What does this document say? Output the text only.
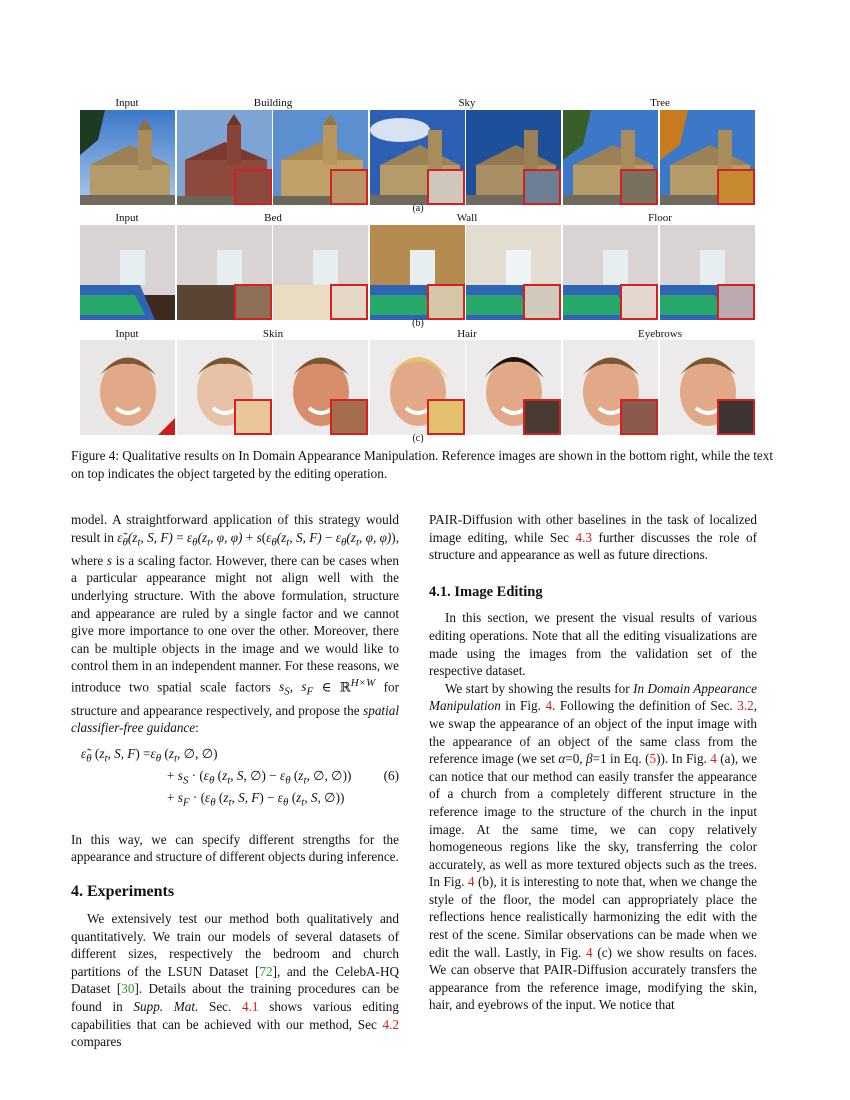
Input	Building	Sky	Tree
(a)
Input	Bed	Wall	Floor
(b)
Input	Skin	Hair	Eyebrows
(c)
Figure 4: Qualitative results on In Domain Appearance Manipulation. Reference images are shown in the bottom right, while the text on top indicates the object targeted by the editing operation.

model. A straightforward application of this strategy would result in $\varepsiloñ_\theta(z_t$, S, $F) = \varepsilon_\theta(z_t$, φ, $\varphi) + s(\varepsilon_\theta(z_t$, S, $F) - \varepsilon_\theta(z_t$, φ, φ)), where s is a scaling factor. However, there can be cases when a particular appearance might not align well with the underlying structure. With the above formulation, structure and appearance are ruled by a single factor and we cannot give more importance to one over the other. Moreover, there can be multiple objects in the image and we would like to control them in an independent manner. For these reasons, we introduce two spatial scale factors $s_S$, $s_F$ ∈ ℝ$^{H\times W}$ for structure and appearance respectively, and propose the spatial classifier-free guidance:

$\varepsiloñ_\theta$ ($z_t$, S, $F) =\varepsilon_\theta$ ($z_t$, ∅, ∅)
+ $s_S \cdot (\varepsilon_\theta$ ($z_t$, S, ∅) − $\varepsilon_\theta$ ($z_t$, ∅, ∅))
+ $s_F \cdot (\varepsilon_\theta$ ($z_t$, S, $F) - \varepsilon_\theta$ ($z_t$, S, ∅))
(6)

In this way, we can specify different strengths for the appearance and structure of different objects during inference.

4. Experiments

We extensively test our method both qualitatively and quantitatively. We train our models of several datasets of different sizes, respectively the bedroom and church partitions of the LSUN Dataset [72], and the CelebA-HQ Dataset [30]. Details about the training procedures can be found in Supp. Mat. Sec. 4.1 shows various editing capabilities that can be achieved with our method, Sec 4.2 compares

PAIR-Diffusion with other baselines in the task of localized image editing, while Sec 4.3 further discusses the role of structure and appearance as well as future directions.

4.1. Image Editing

In this section, we present the visual results of various editing operations. Note that all the editing visualizations are made using the images from the validation set of the respective dataset.

We start by showing the results for In Domain Appearance Manipulation in Fig. 4. Following the definition of Sec. 3.2, we swap the appearance of an object of the input image with the appearance of an object of the same class from the reference image (we set α=0, β=1 in Eq. (5)). In Fig. 4 (a), we can notice that our method can easily transfer the appearance of a church from a completely different structure in the reference image to the structure of the church in the input image. At the same time, we can copy relatively homogeneous regions like the sky, transferring the color accurately, as well as more textured objects such as the trees. In Fig. 4 (b), it is interesting to note that, when we change the style of the floor, the model can appropriately place the reflections hence realistically harmonizing the edit with the rest of the scene. Similar observations can be made when we edit the wall. Lastly, in Fig. 4 (c) we show results on faces. We can observe that PAIR-Diffusion accurately transfers the appearance from the reference image, modifying the skin, hair, and eyebrows of the input. We notice that
